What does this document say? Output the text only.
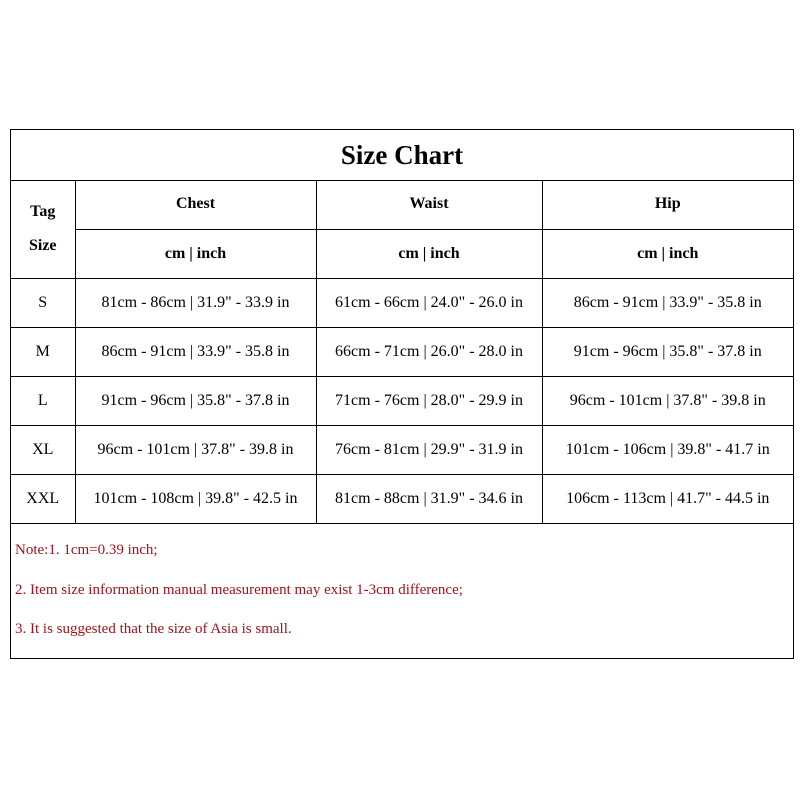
Size Chart
Tag
Size	Chest	Waist	Hip
	cm | inch	cm | inch	cm | inch
S	81cm - 86cm | 31.9" - 33.9 in	61cm - 66cm | 24.0" - 26.0 in	86cm - 91cm | 33.9" - 35.8 in
M	86cm - 91cm | 33.9" - 35.8 in	66cm - 71cm | 26.0" - 28.0 in	91cm - 96cm | 35.8" - 37.8 in
L	91cm - 96cm | 35.8" - 37.8 in	71cm - 76cm | 28.0" - 29.9 in	96cm - 101cm | 37.8" - 39.8 in
XL	96cm - 101cm | 37.8" - 39.8 in	76cm - 81cm | 29.9" - 31.9 in	101cm - 106cm | 39.8" - 41.7 in
XXL	101cm - 108cm | 39.8" - 42.5 in	81cm - 88cm | 31.9" - 34.6 in	106cm - 113cm | 41.7" - 44.5 in
Note:1. 1cm=0.39 inch;
2. Item size information manual measurement may exist 1-3cm difference;
3. It is suggested that the size of Asia is small.
